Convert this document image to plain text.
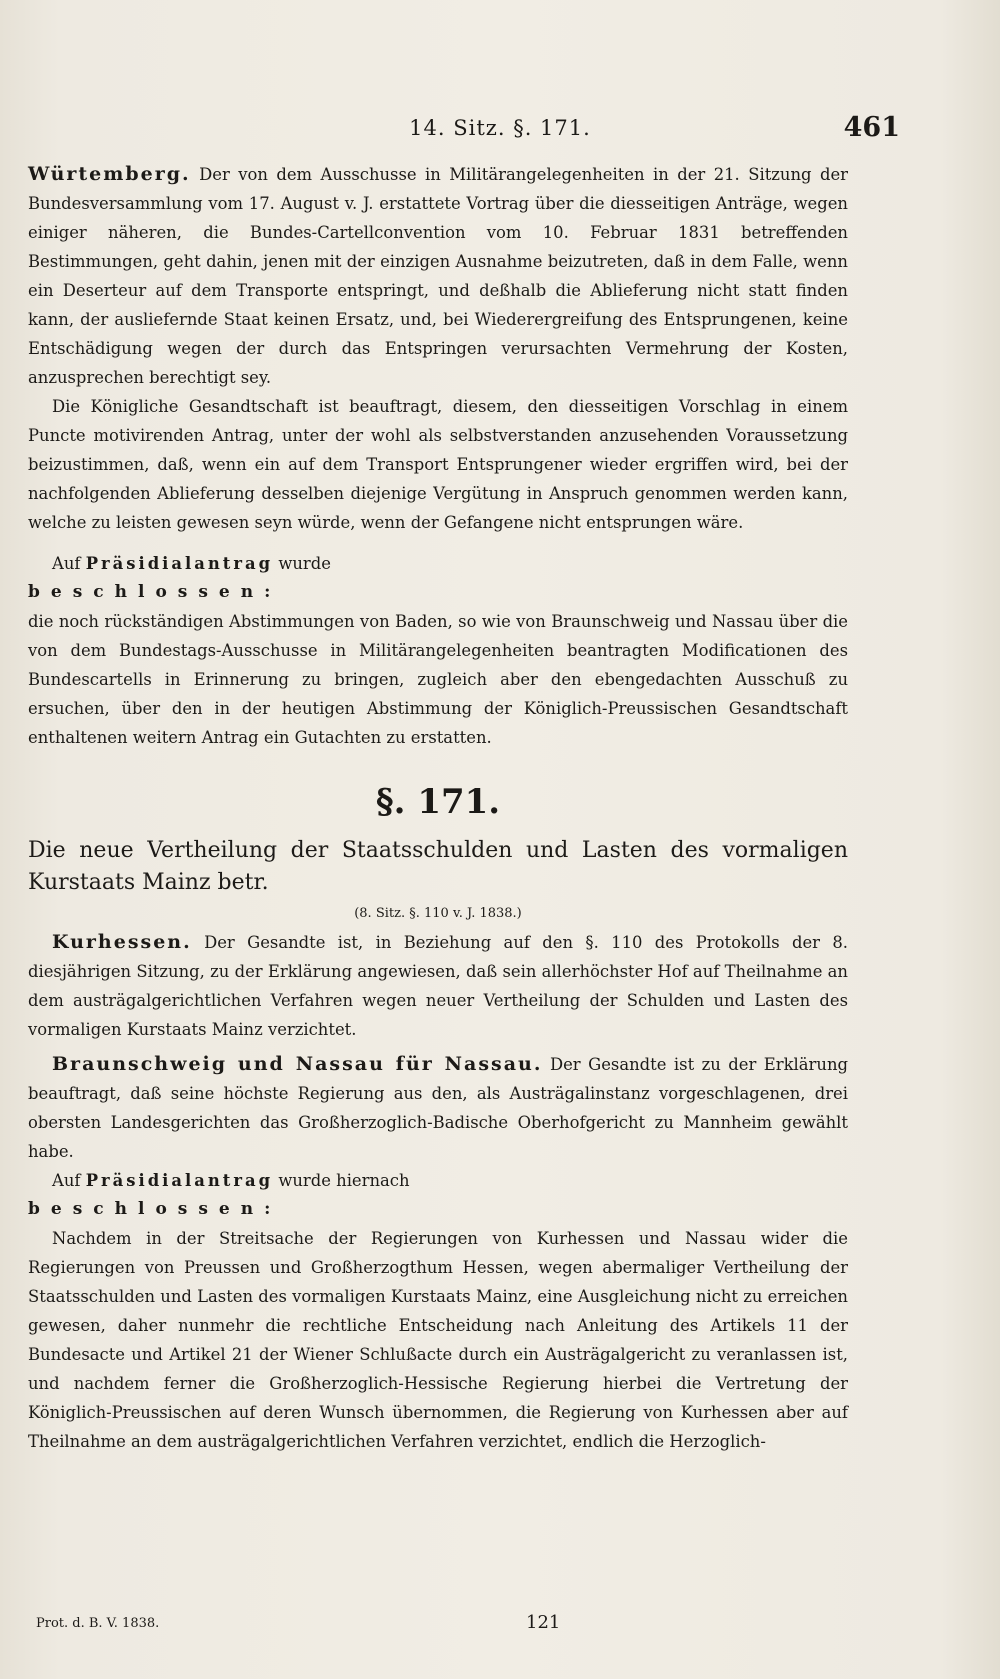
14. Sitz. §. 171.	461

Würtemberg. Der von dem Ausschusse in Militärangelegenheiten in der 21. Sitzung der Bundesversammlung vom 17. August v. J. erstattete Vortrag über die diesseitigen Anträge, wegen einiger näheren, die Bundes-Cartellconvention vom 10. Februar 1831 betreffenden Bestimmungen, geht dahin, jenen mit der einzigen Ausnahme beizutreten, daß in dem Falle, wenn ein Deserteur auf dem Transporte entspringt, und deßhalb die Ablieferung nicht statt finden kann, der ausliefernde Staat keinen Ersatz, und, bei Wiederergreifung des Entsprungenen, keine Entschädigung wegen der durch das Entspringen verursachten Vermehrung der Kosten, anzusprechen berechtigt sey.

Die Königliche Gesandtschaft ist beauftragt, diesem, den diesseitigen Vorschlag in einem Puncte motivirenden Antrag, unter der wohl als selbstverstanden anzusehenden Voraussetzung beizustimmen, daß, wenn ein auf dem Transport Entsprungener wieder ergriffen wird, bei der nachfolgenden Ablieferung desselben diejenige Vergütung in Anspruch genommen werden kann, welche zu leisten gewesen seyn würde, wenn der Gefangene nicht entsprungen wäre.

Auf Präsidialantrag wurde

beschlossen:

die noch rückständigen Abstimmungen von Baden, so wie von Braunschweig und Nassau über die von dem Bundestags-Ausschusse in Militärangelegenheiten beantragten Modificationen des Bundescartells in Erinnerung zu bringen, zugleich aber den ebengedachten Ausschuß zu ersuchen, über den in der heutigen Abstimmung der Königlich-Preussischen Gesandtschaft enthaltenen weitern Antrag ein Gutachten zu erstatten.

§. 171.

Die neue Vertheilung der Staatsschulden und Lasten des vormaligen Kurstaats Mainz betr.

(8. Sitz. §. 110 v. J. 1838.)

Kurhessen. Der Gesandte ist, in Beziehung auf den §. 110 des Protokolls der 8. diesjährigen Sitzung, zu der Erklärung angewiesen, daß sein allerhöchster Hof auf Theilnahme an dem austrägalgerichtlichen Verfahren wegen neuer Vertheilung der Schulden und Lasten des vormaligen Kurstaats Mainz verzichtet.

Braunschweig und Nassau für Nassau. Der Gesandte ist zu der Erklärung beauftragt, daß seine höchste Regierung aus den, als Austrägalinstanz vorgeschlagenen, drei obersten Landesgerichten das Großherzoglich-Badische Oberhofgericht zu Mannheim gewählt habe.

Auf Präsidialantrag wurde hiernach

beschlossen:

Nachdem in der Streitsache der Regierungen von Kurhessen und Nassau wider die Regierungen von Preussen und Großherzogthum Hessen, wegen abermaliger Vertheilung der Staatsschulden und Lasten des vormaligen Kurstaats Mainz, eine Ausgleichung nicht zu erreichen gewesen, daher nunmehr die rechtliche Entscheidung nach Anleitung des Artikels 11 der Bundesacte und Artikel 21 der Wiener Schlußacte durch ein Austrägalgericht zu veranlassen ist, und nachdem ferner die Großherzoglich-Hessische Regierung hierbei die Vertretung der Königlich-Preussischen auf deren Wunsch übernommen, die Regierung von Kurhessen aber auf Theilnahme an dem austrägalgerichtlichen Verfahren verzichtet, endlich die Herzoglich-

Prot. d. B. V. 1838.	121
